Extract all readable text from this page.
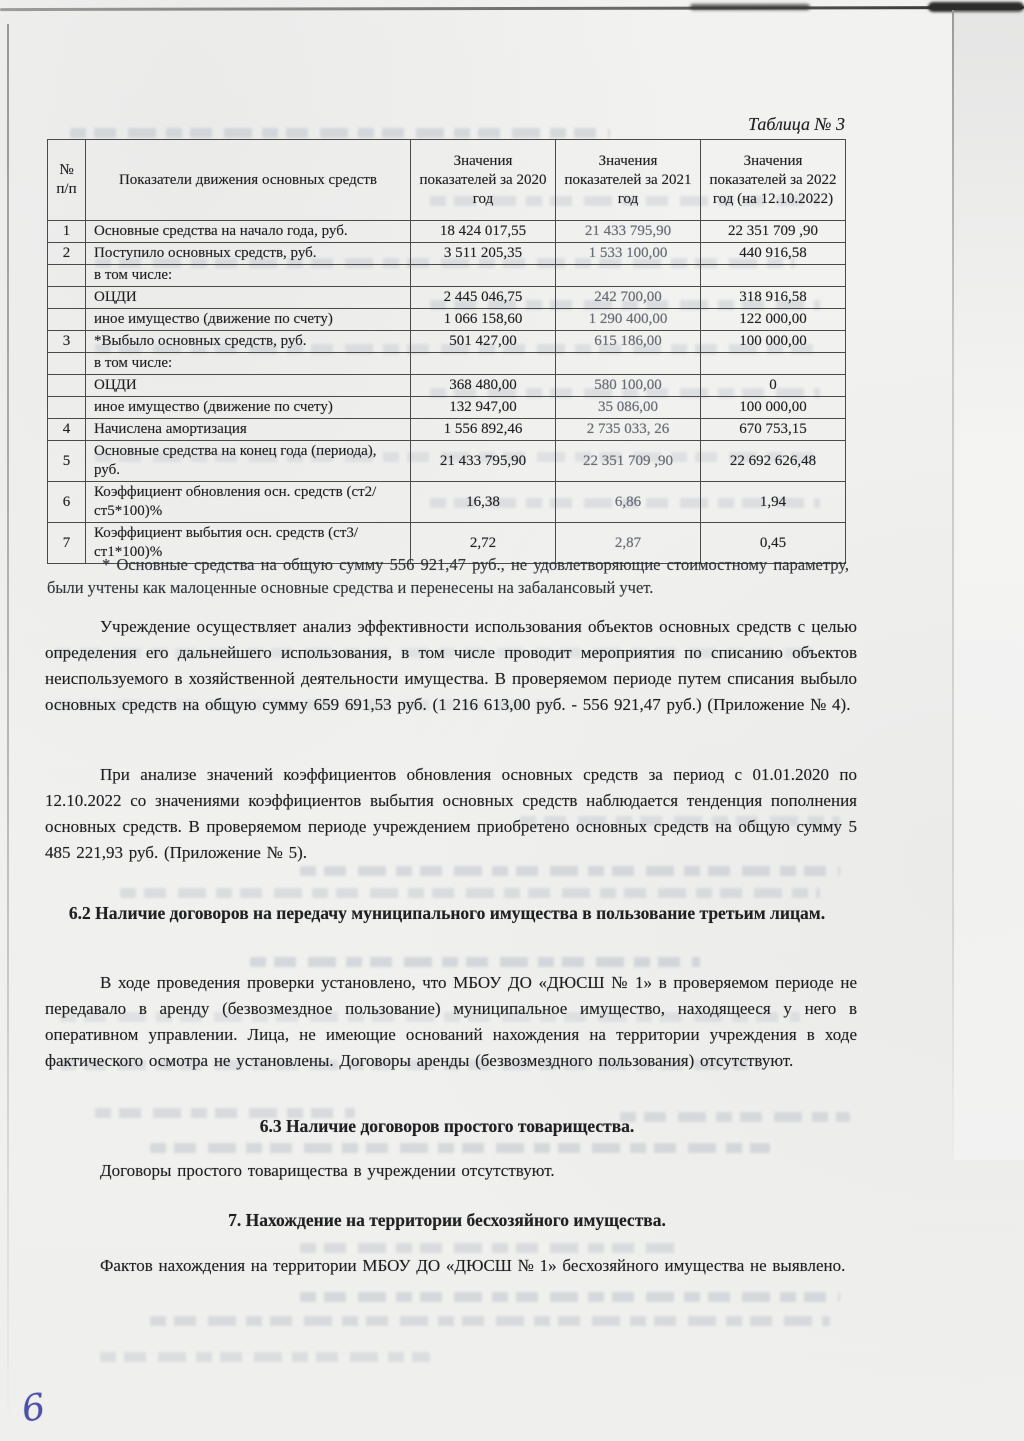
Таблица № 3
№ п/п	Показатели движения основных средств	Значения показателей за 2020 год	Значения показателей за 2021 год	Значения показателей за 2022 год (на 12.10.2022)
1	Основные средства на начало года, руб.	18 424 017,55	21 433 795,90	22 351 709 ,90
2	Поступило основных средств, руб.	3 511 205,35	1 533 100,00	440 916,58
	в том числе:			
	ОЦДИ	2 445 046,75	242 700,00	318 916,58
	иное имущество (движение по счету)	1 066 158,60	1 290 400,00	122 000,00
3	*Выбыло основных средств, руб.	501 427,00	615 186,00	100 000,00
	в том числе:			
	ОЦДИ	368 480,00	580 100,00	0
	иное имущество (движение по счету)	132 947,00	35 086,00	100 000,00
4	Начислена амортизация	1 556 892,46	2 735 033, 26	670 753,15
5	Основные средства на конец года (периода), руб.	21 433 795,90	22 351 709 ,90	22 692 626,48
6	Коэффициент обновления осн. средств (ст2/ст5*100)%	16,38	6,86	1,94
7	Коэффициент выбытия осн. средств (ст3/ст1*100)%	2,72	2,87	0,45
* Основные средства на общую сумму 556 921,47 руб., не удовлетворяющие стоимостному параметру, были учтены как малоценные основные средства и перенесены на забалансовый учет.
Учреждение осуществляет анализ эффективности использования объектов основных средств с целью определения его дальнейшего использования, в том числе проводит мероприятия по списанию объектов неиспользуемого в хозяйственной деятельности имущества. В проверяемом периоде путем списания выбыло основных средств на общую сумму 659 691,53 руб. (1 216 613,00 руб. - 556 921,47 руб.) (Приложение № 4).
При анализе значений коэффициентов обновления основных средств за период с 01.01.2020 по 12.10.2022 со значениями коэффициентов выбытия основных средств наблюдается тенденция пополнения основных средств. В проверяемом периоде учреждением приобретено основных средств на общую сумму 5 485 221,93 руб. (Приложение № 5).
6.2 Наличие договоров на передачу муниципального имущества в пользование третьим лицам.
В ходе проведения проверки установлено, что МБОУ ДО «ДЮСШ № 1» в проверяемом периоде не передавало в аренду (безвозмездное пользование) муниципальное имущество, находящееся у него в оперативном управлении. Лица, не имеющие оснований нахождения на территории учреждения в ходе фактического осмотра не установлены. Договоры аренды (безвозмездного пользования) отсутствуют.
6.3 Наличие договоров простого товарищества.
Договоры простого товарищества в учреждении отсутствуют.
7. Нахождение на территории бесхозяйного имущества.
Фактов нахождения на территории МБОУ ДО «ДЮСШ № 1» бесхозяйного имущества не выявлено.
6
